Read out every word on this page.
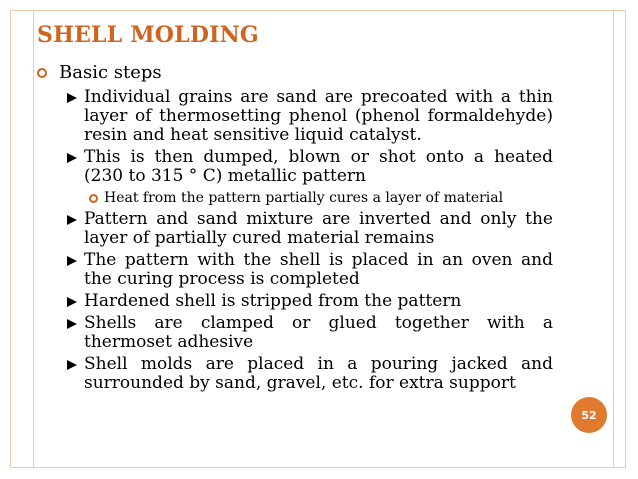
SHELL MOLDING
Basic steps
Individual grains are sand are precoated with a thin layer of thermosetting phenol (phenol formaldehyde) resin and heat sensitive liquid catalyst.
This is then dumped, blown or shot onto a heated (230 to 315 ° C) metallic pattern
Heat from the pattern partially cures a layer of material
Pattern and sand mixture are inverted and only the layer of partially cured material remains
The pattern with the shell is placed in an oven and the curing process is completed
Hardened shell is stripped from the pattern
Shells are clamped or glued together with a thermoset adhesive
Shell molds are placed in a pouring jacked and surrounded by sand, gravel, etc. for extra support
52
